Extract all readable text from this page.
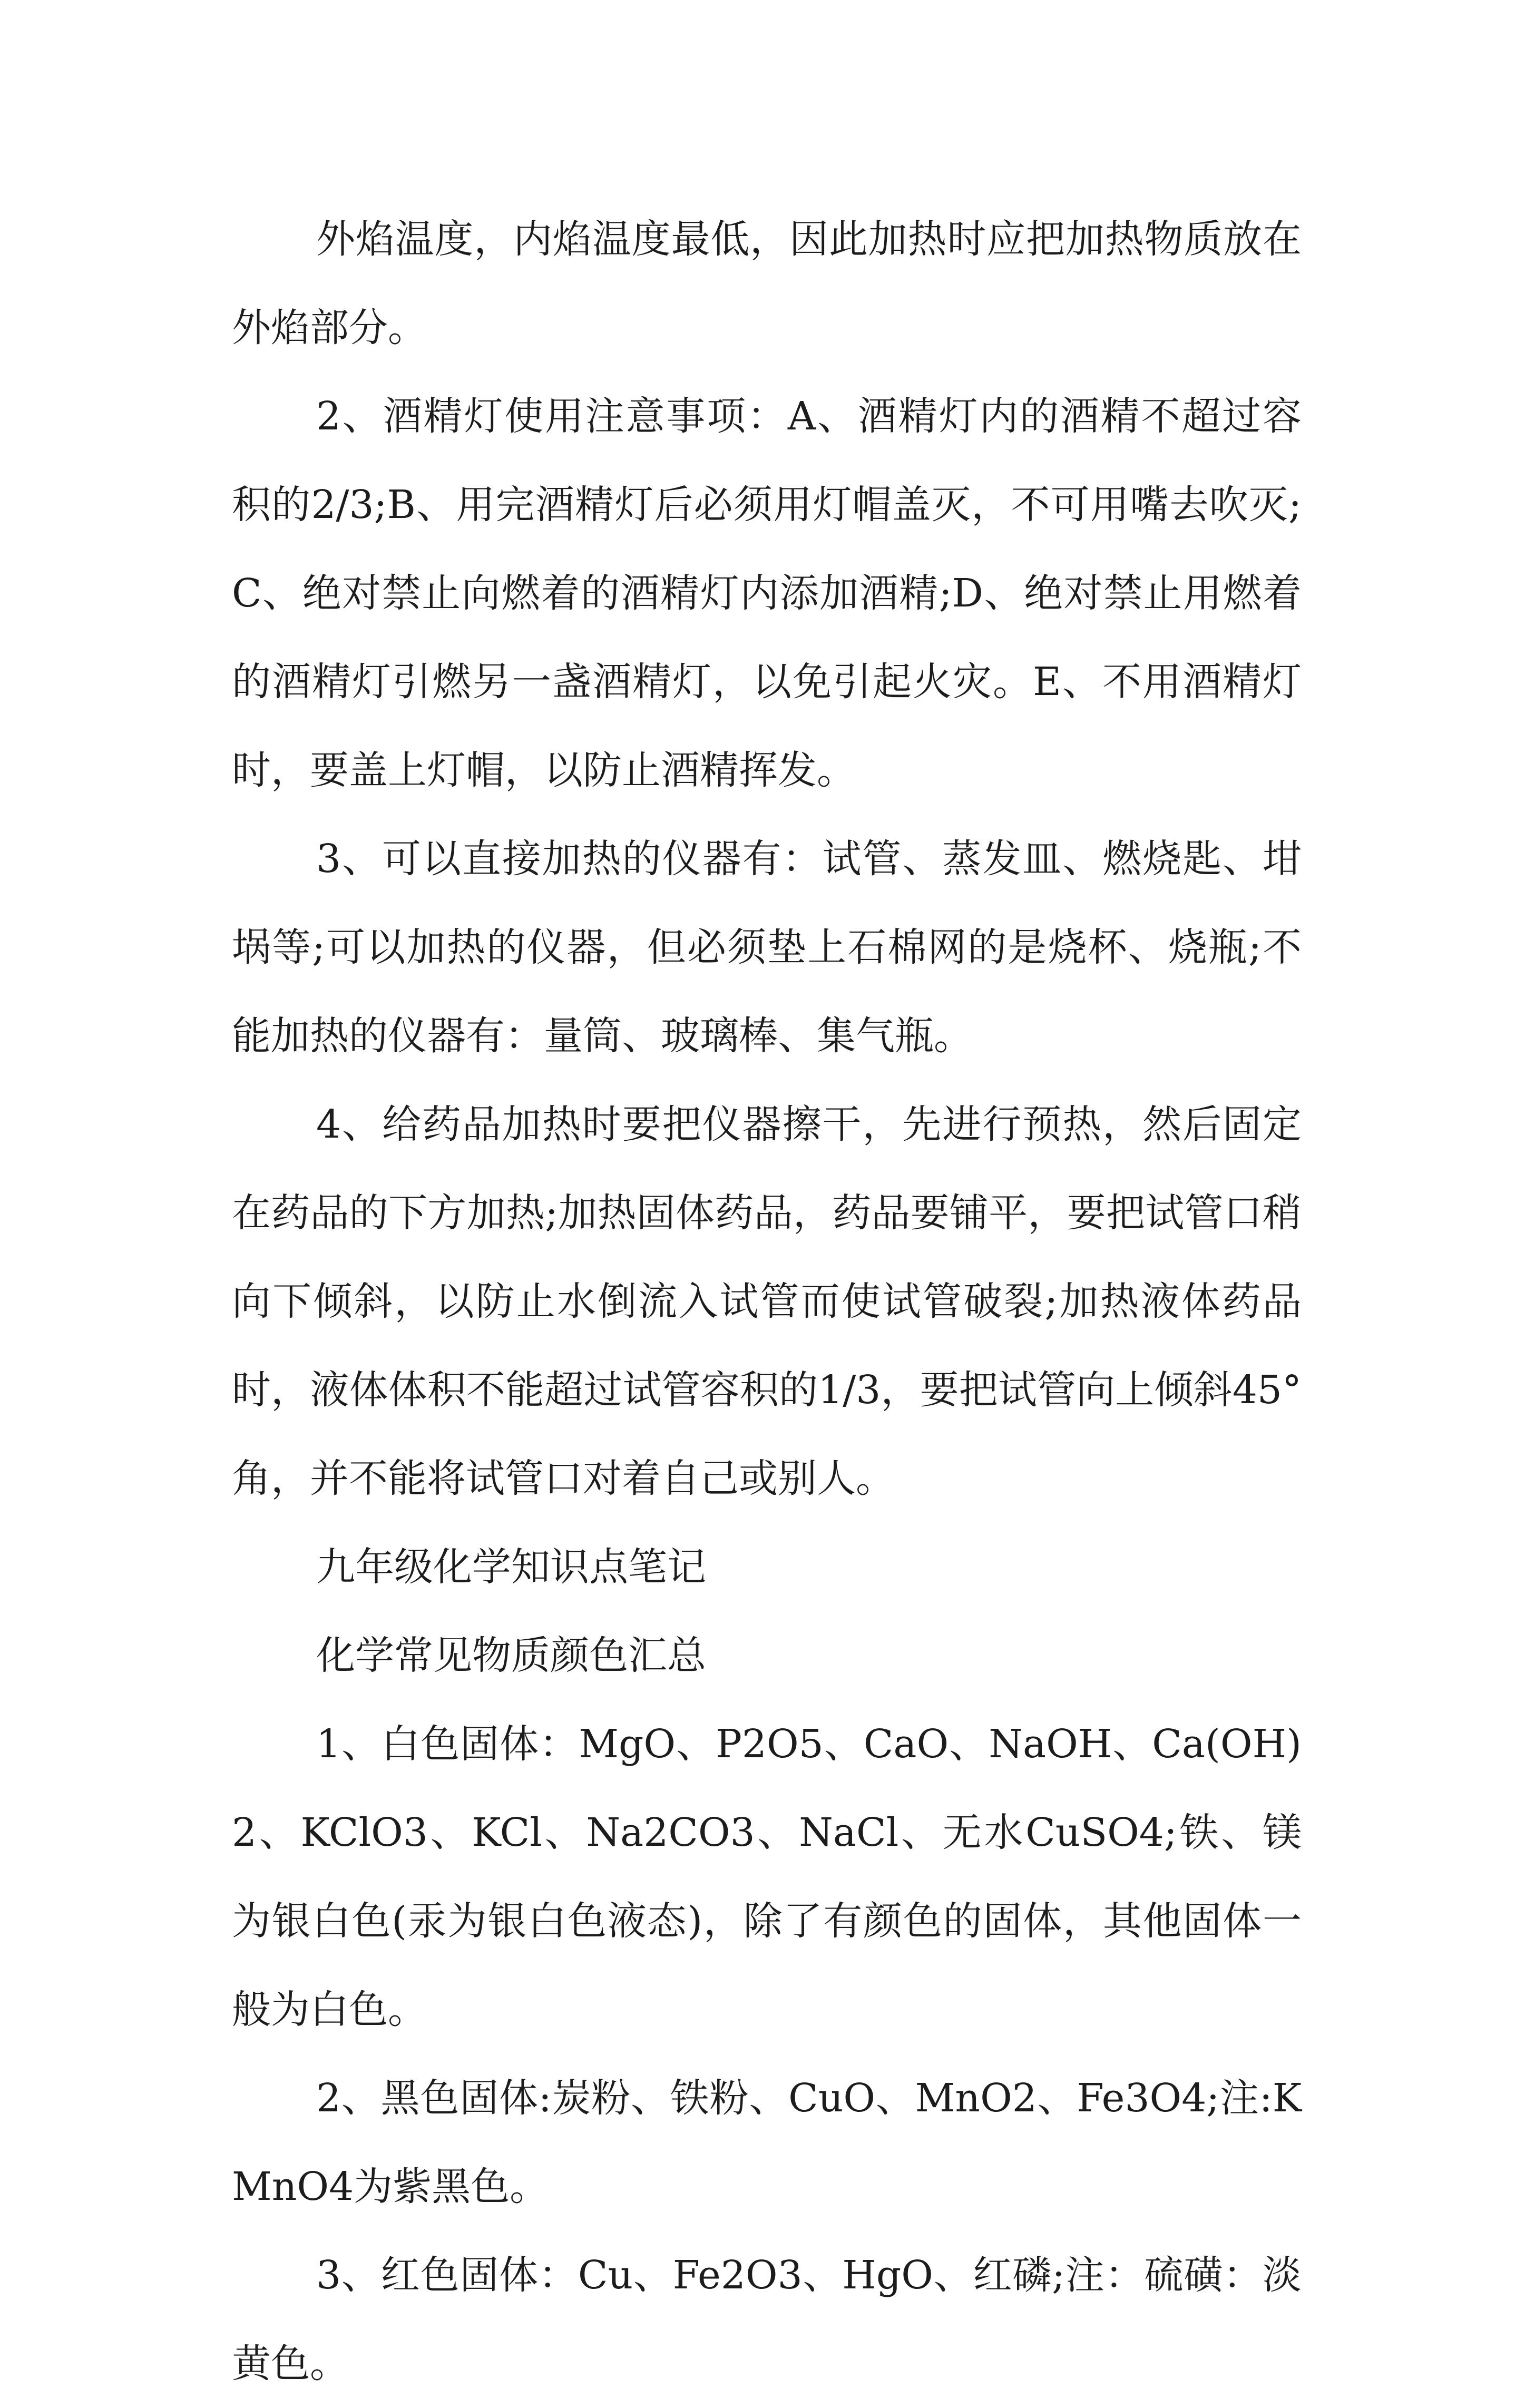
外焰温度，内焰温度最低，因此加热时应把加热物质放在外焰部分。

2、酒精灯使用注意事项：A、酒精灯内的酒精不超过容积的2/3;B、用完酒精灯后必须用灯帽盖灭，不可用嘴去吹灭;C、绝对禁止向燃着的酒精灯内添加酒精;D、绝对禁止用燃着的酒精灯引燃另一盏酒精灯，以免引起火灾。E、不用酒精灯时，要盖上灯帽，以防止酒精挥发。

3、可以直接加热的仪器有：试管、蒸发皿、燃烧匙、坩埚等;可以加热的仪器，但必须垫上石棉网的是烧杯、烧瓶;不能加热的仪器有：量筒、玻璃棒、集气瓶。

4、给药品加热时要把仪器擦干，先进行预热，然后固定在药品的下方加热;加热固体药品，药品要铺平，要把试管口稍向下倾斜，以防止水倒流入试管而使试管破裂;加热液体药品时，液体体积不能超过试管容积的1/3，要把试管向上倾斜45°角，并不能将试管口对着自己或别人。

九年级化学知识点笔记

化学常见物质颜色汇总

1、白色固体：MgO、P2O5、CaO、NaOH、Ca(OH)2、KClO3、KCl、Na2CO3、NaCl、无水CuSO4;铁、镁为银白色(汞为银白色液态)，除了有颜色的固体，其他固体一般为白色。

2、黑色固体:炭粉、铁粉、CuO、MnO2、Fe3O4;注:KMnO4为紫黑色。

3、红色固体：Cu、Fe2O3、HgO、红磷;注：硫磺：淡黄色。
